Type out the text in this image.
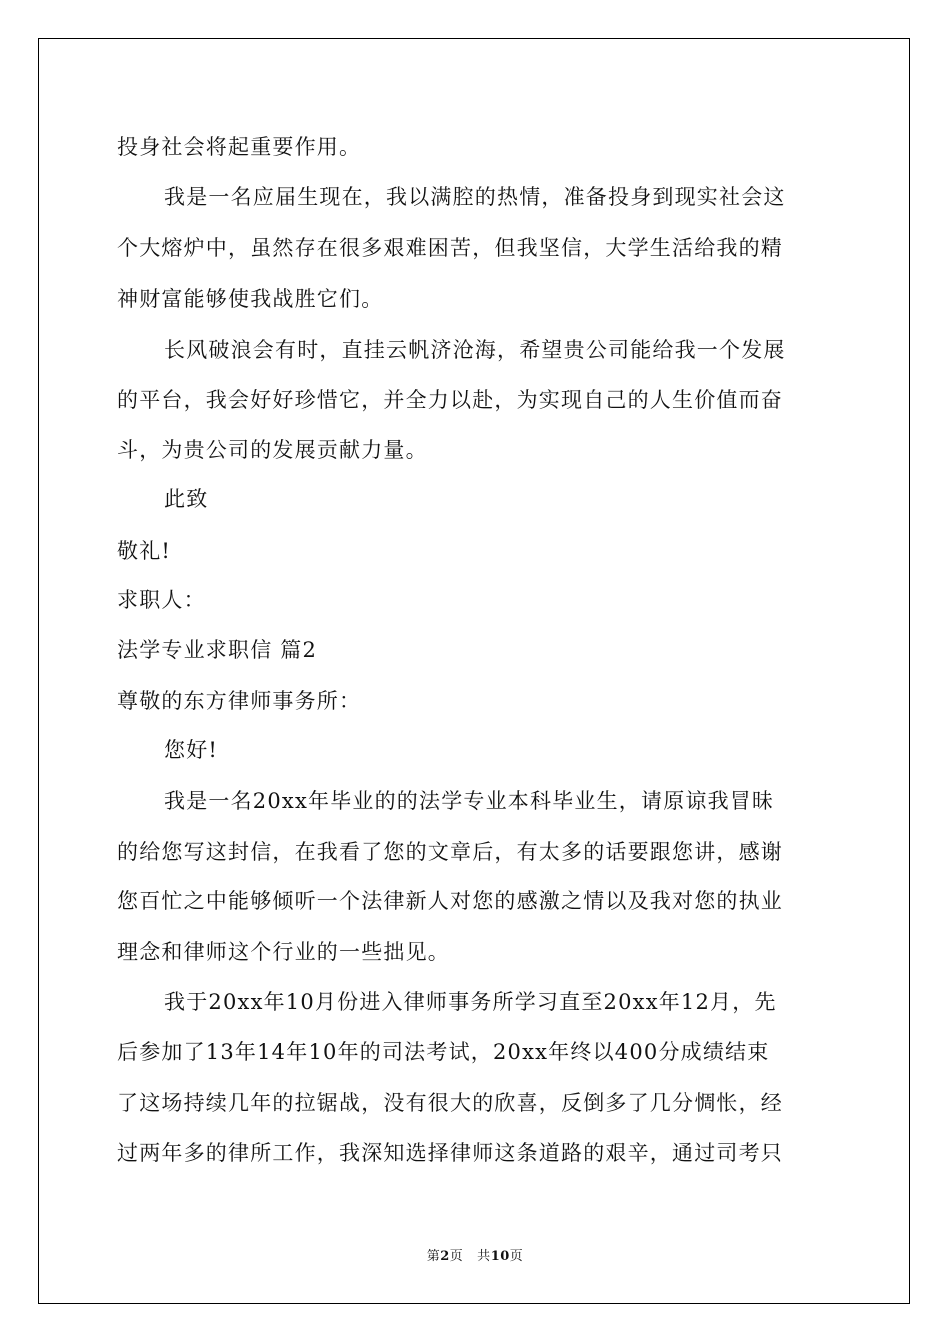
投身社会将起重要作用。

我是一名应届生现在，我以满腔的热情，准备投身到现实社会这

个大熔炉中，虽然存在很多艰难困苦，但我坚信，大学生活给我的精

神财富能够使我战胜它们。

长风破浪会有时，直挂云帆济沧海，希望贵公司能给我一个发展

的平台，我会好好珍惜它，并全力以赴，为实现自己的人生价值而奋

斗，为贵公司的发展贡献力量。

此致

敬礼!

求职人：

法学专业求职信 篇2

尊敬的东方律师事务所：

您好!

我是一名20xx年毕业的的法学专业本科毕业生，请原谅我冒昧

的给您写这封信，在我看了您的文章后，有太多的话要跟您讲，感谢

您百忙之中能够倾听一个法律新人对您的感激之情以及我对您的执业

理念和律师这个行业的一些拙见。

我于20xx年10月份进入律师事务所学习直至20xx年12月，先

后参加了13年14年10年的司法考试，20xx年终以400分成绩结束

了这场持续几年的拉锯战，没有很大的欣喜，反倒多了几分惆怅，经

过两年多的律所工作，我深知选择律师这条道路的艰辛，通过司考只

第2页 共10页
